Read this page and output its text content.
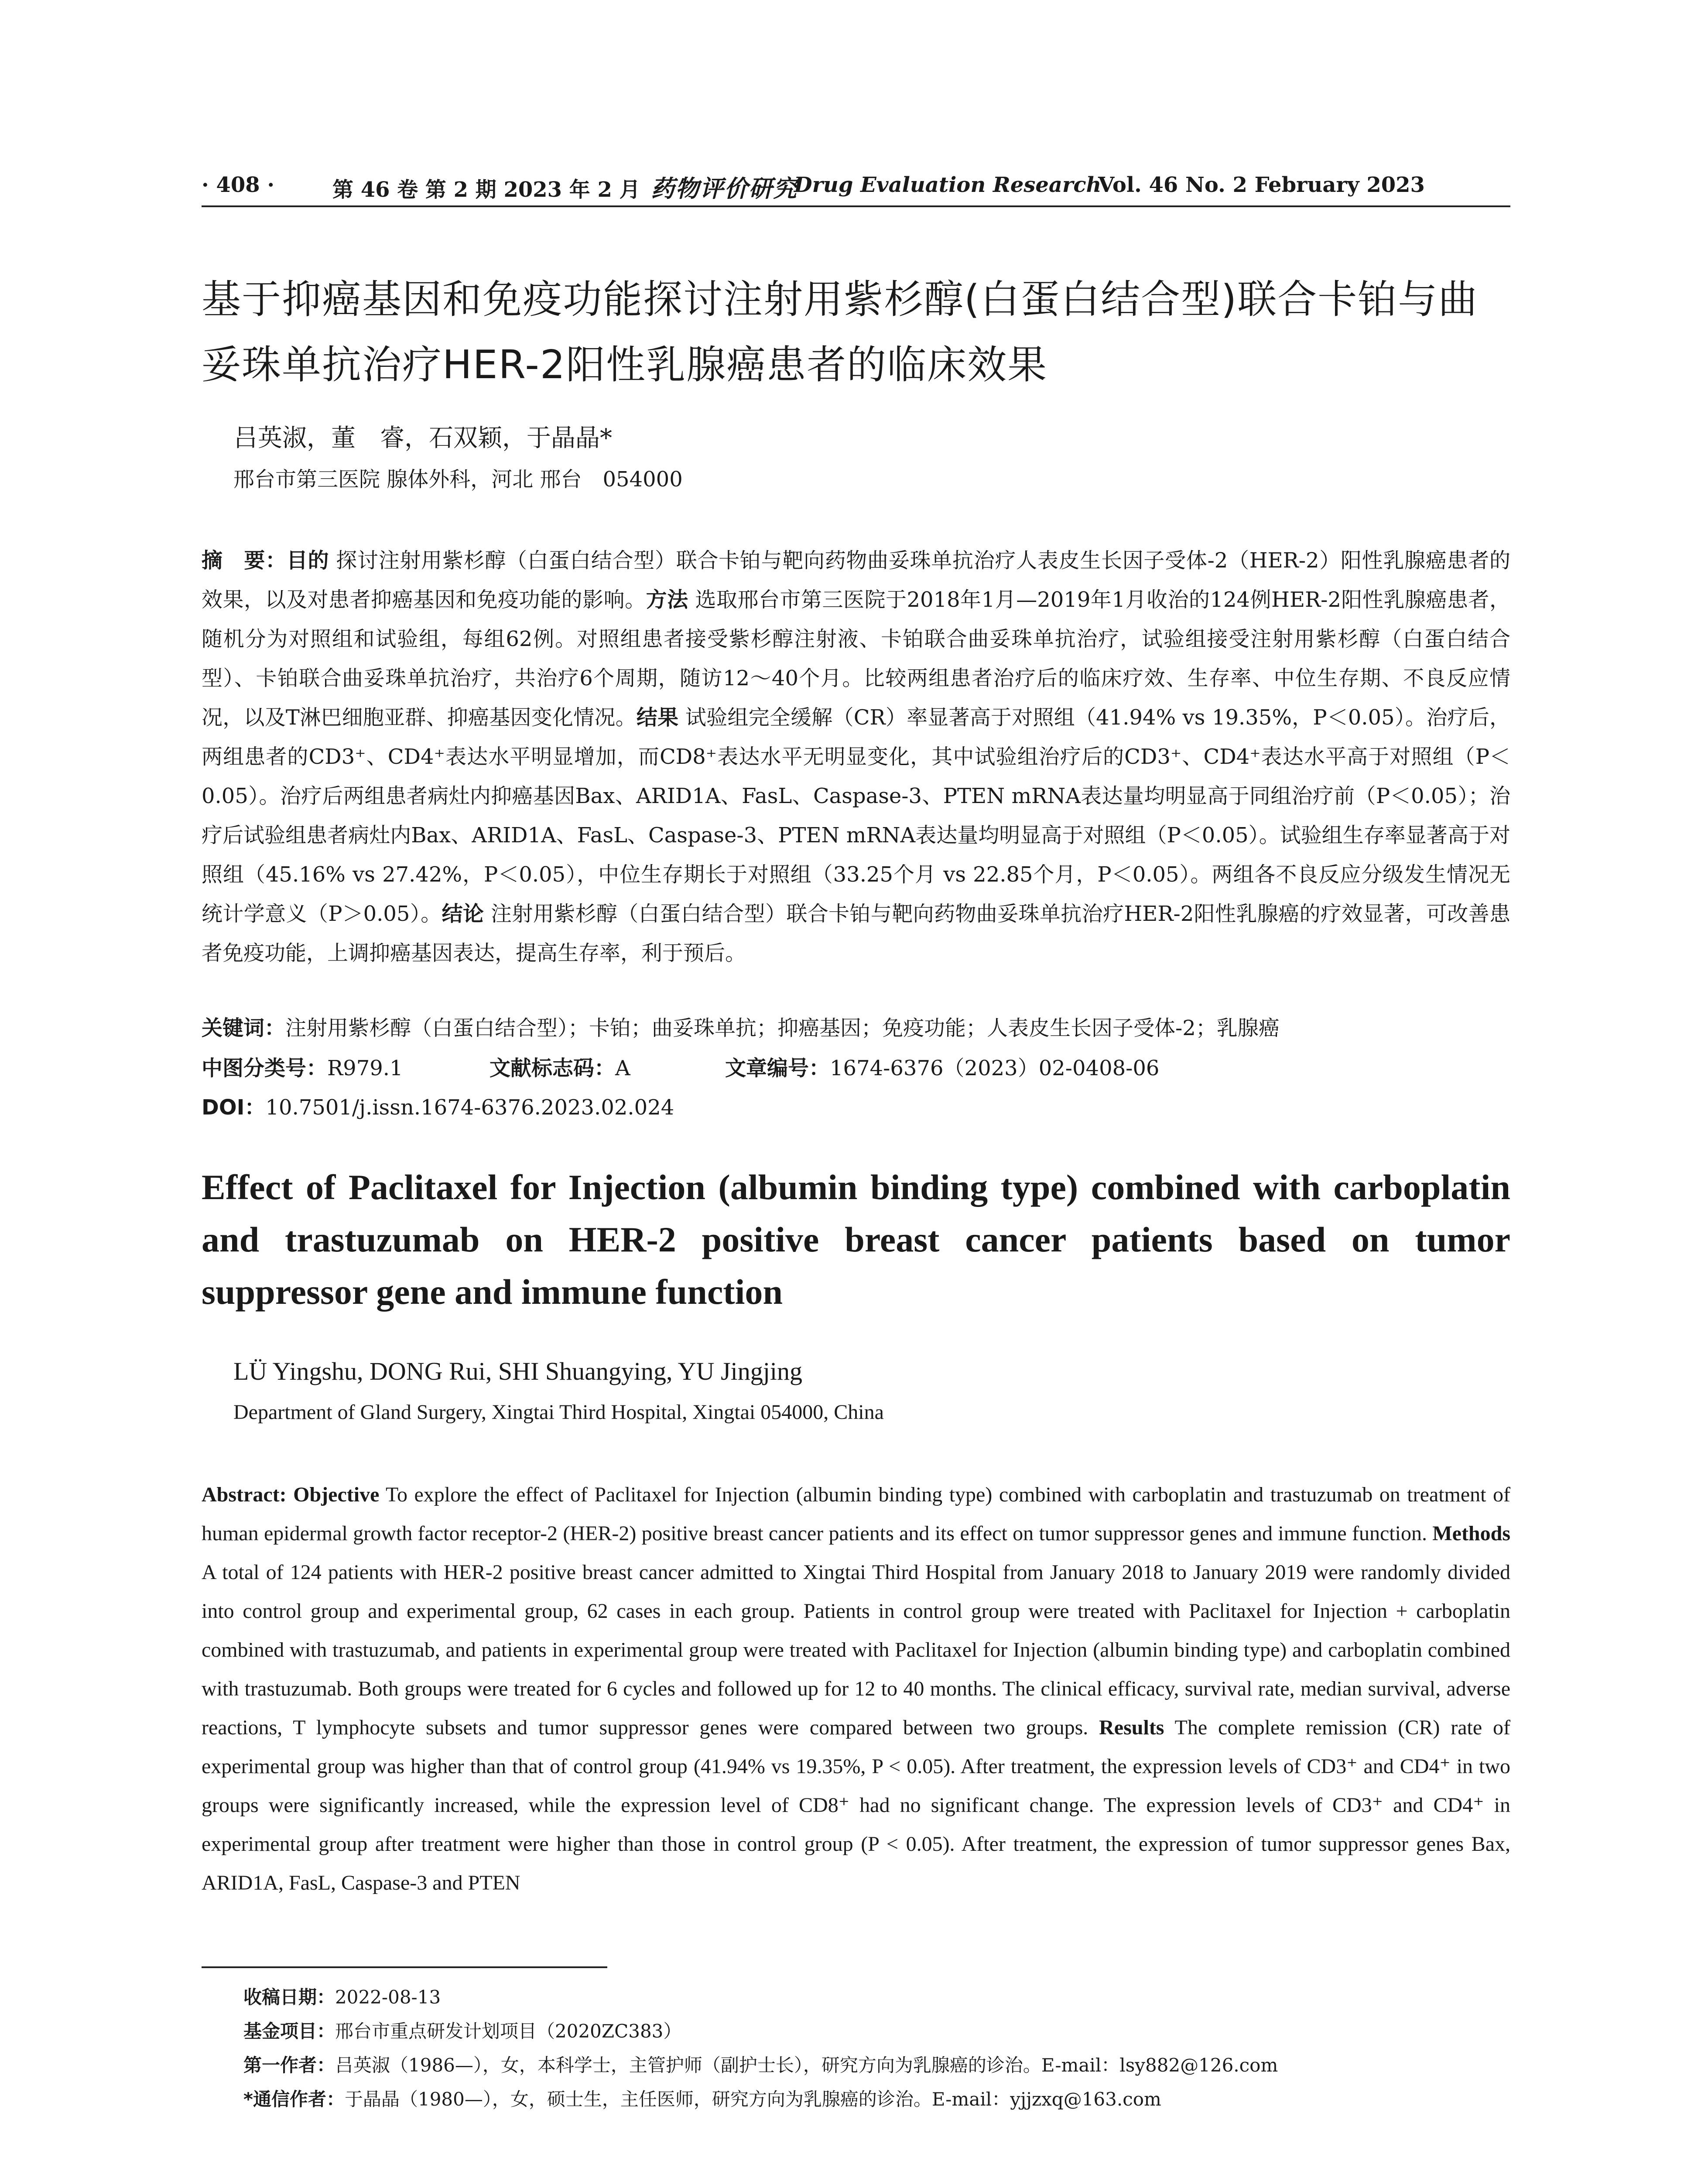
· 408 ·	第 46 卷 第 2 期 2023 年 2 月 药物评价研究
Drug Evaluation Research
Vol. 46 No. 2 February 2023
基于抑癌基因和免疫功能探讨注射用紫杉醇(白蛋白结合型)联合卡铂与曲妥珠单抗治疗HER-2阳性乳腺癌患者的临床效果
吕英淑，董　睿，石双颖，于晶晶*
邢台市第三医院 腺体外科，河北 邢台　054000
摘　要：目的 探讨注射用紫杉醇（白蛋白结合型）联合卡铂与靶向药物曲妥珠单抗治疗人表皮生长因子受体-2（HER-2）阳性乳腺癌患者的效果，以及对患者抑癌基因和免疫功能的影响。方法 选取邢台市第三医院于2018年1月—2019年1月收治的124例HER-2阳性乳腺癌患者，随机分为对照组和试验组，每组62例。对照组患者接受紫杉醇注射液、卡铂联合曲妥珠单抗治疗，试验组接受注射用紫杉醇（白蛋白结合型）、卡铂联合曲妥珠单抗治疗，共治疗6个周期，随访12～40个月。比较两组患者治疗后的临床疗效、生存率、中位生存期、不良反应情况，以及T淋巴细胞亚群、抑癌基因变化情况。结果 试验组完全缓解（CR）率显著高于对照组（41.94% vs 19.35%，P＜0.05）。治疗后，两组患者的CD3⁺、CD4⁺表达水平明显增加，而CD8⁺表达水平无明显变化，其中试验组治疗后的CD3⁺、CD4⁺表达水平高于对照组（P＜0.05）。治疗后两组患者病灶内抑癌基因Bax、ARID1A、FasL、Caspase-3、PTEN mRNA表达量均明显高于同组治疗前（P＜0.05）；治疗后试验组患者病灶内Bax、ARID1A、FasL、Caspase-3、PTEN mRNA表达量均明显高于对照组（P＜0.05）。试验组生存率显著高于对照组（45.16% vs 27.42%，P＜0.05），中位生存期长于对照组（33.25个月 vs 22.85个月，P＜0.05）。两组各不良反应分级发生情况无统计学意义（P＞0.05）。结论 注射用紫杉醇（白蛋白结合型）联合卡铂与靶向药物曲妥珠单抗治疗HER-2阳性乳腺癌的疗效显著，可改善患者免疫功能，上调抑癌基因表达，提高生存率，利于预后。
关键词：注射用紫杉醇（白蛋白结合型）；卡铂；曲妥珠单抗；抑癌基因；免疫功能；人表皮生长因子受体-2；乳腺癌
中图分类号：R979.1	文献标志码：A	文章编号：1674-6376（2023）02-0408-06
DOI：10.7501/j.issn.1674-6376.2023.02.024
Effect of Paclitaxel for Injection (albumin binding type) combined with carboplatin and trastuzumab on HER-2 positive breast cancer patients based on tumor suppressor gene and immune function
LÜ Yingshu, DONG Rui, SHI Shuangying, YU Jingjing
Department of Gland Surgery, Xingtai Third Hospital, Xingtai 054000, China
Abstract: Objective To explore the effect of Paclitaxel for Injection (albumin binding type) combined with carboplatin and trastuzumab on treatment of human epidermal growth factor receptor-2 (HER-2) positive breast cancer patients and its effect on tumor suppressor genes and immune function. Methods A total of 124 patients with HER-2 positive breast cancer admitted to Xingtai Third Hospital from January 2018 to January 2019 were randomly divided into control group and experimental group, 62 cases in each group. Patients in control group were treated with Paclitaxel for Injection + carboplatin combined with trastuzumab, and patients in experimental group were treated with Paclitaxel for Injection (albumin binding type) and carboplatin combined with trastuzumab. Both groups were treated for 6 cycles and followed up for 12 to 40 months. The clinical efficacy, survival rate, median survival, adverse reactions, T lymphocyte subsets and tumor suppressor genes were compared between two groups. Results The complete remission (CR) rate of experimental group was higher than that of control group (41.94% vs 19.35%, P < 0.05). After treatment, the expression levels of CD3⁺ and CD4⁺ in two groups were significantly increased, while the expression level of CD8⁺ had no significant change. The expression levels of CD3⁺ and CD4⁺ in experimental group after treatment were higher than those in control group (P < 0.05). After treatment, the expression of tumor suppressor genes Bax, ARID1A, FasL, Caspase-3 and PTEN
收稿日期：2022-08-13
基金项目：邢台市重点研发计划项目（2020ZC383）
第一作者：吕英淑（1986—），女，本科学士，主管护师（副护士长），研究方向为乳腺癌的诊治。E-mail：lsy882@126.com
*通信作者：于晶晶（1980—），女，硕士生，主任医师，研究方向为乳腺癌的诊治。E-mail：yjjzxq@163.com
